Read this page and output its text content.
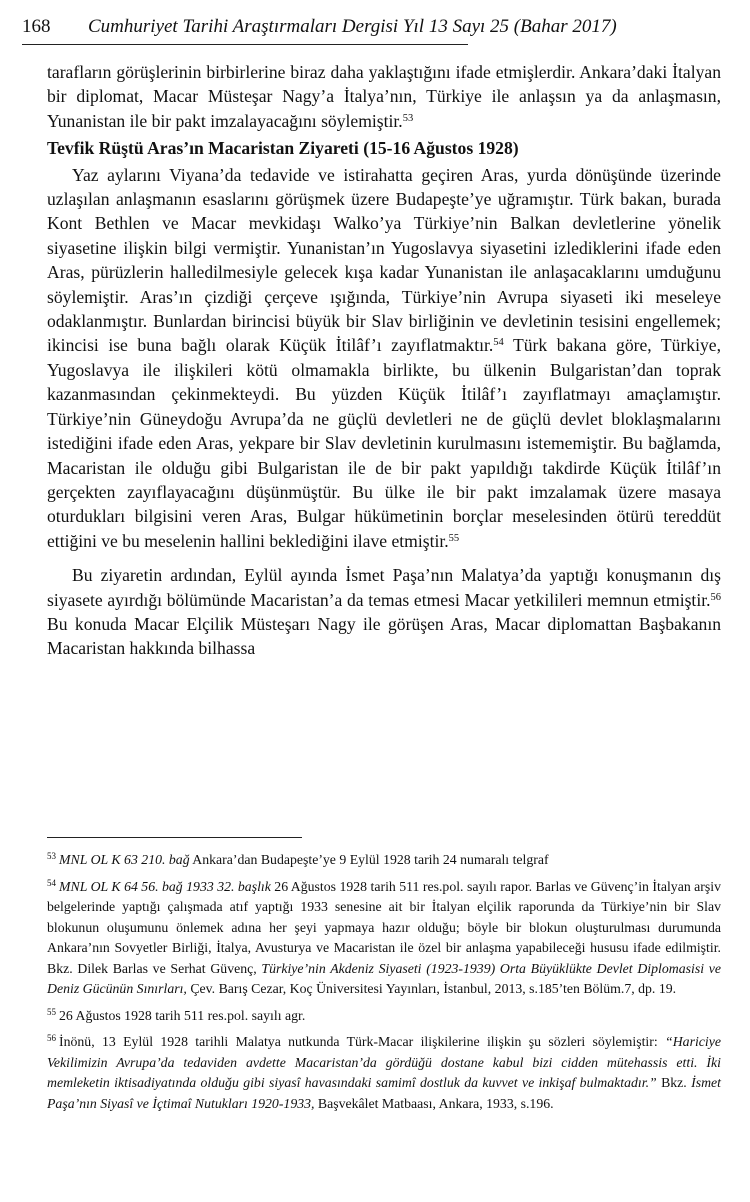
168 Cumhuriyet Tarihi Araştırmaları Dergisi Yıl 13 Sayı 25 (Bahar 2017)

tarafların görüşlerinin birbirlerine biraz daha yaklaştığını ifade etmişlerdir. Ankara’daki İtalyan bir diplomat, Macar Müsteşar Nagy’a İtalya’nın, Türkiye ile anlaşsın ya da anlaşmasın, Yunanistan ile bir pakt imzalayacağını söylemiştir.$^{53}$

Tevfik Rüştü Aras’ın Macaristan Ziyareti (15-16 Ağustos 1928)

Yaz aylarını Viyana’da tedavide ve istirahatta geçiren Aras, yurda dönüşünde üzerinde uzlaşılan anlaşmanın esaslarını görüşmek üzere Budapeşte’ye uğramıştır. Türk bakan, burada Kont Bethlen ve Macar mevkidaşı Walko’ya Türkiye’nin Balkan devletlerine yönelik siyasetine ilişkin bilgi vermiştir. Yunanistan’ın Yugoslavya siyasetini izlediklerini ifade eden Aras, pürüzlerin halledilmesiyle gelecek kışa kadar Yunanistan ile anlaşacaklarını umduğunu söylemiştir. Aras’ın çizdiği çerçeve ışığında, Türkiye’nin Avrupa siyaseti iki meseleye odaklanmıştır. Bunlardan birincisi büyük bir Slav birliğinin ve devletinin tesisini engellemek; ikincisi ise buna bağlı olarak Küçük İtilâf’ı zayıflatmaktır.$^{54}$ Türk bakana göre, Türkiye, Yugoslavya ile ilişkileri kötü olmamakla birlikte, bu ülkenin Bulgaristan’dan toprak kazanmasından çekinmekteydi. Bu yüzden Küçük İtilâf’ı zayıflatmayı amaçlamıştır. Türkiye’nin Güneydoğu Avrupa’da ne güçlü devletleri ne de güçlü devlet bloklaşmalarını istediğini ifade eden Aras, yekpare bir Slav devletinin kurulmasını istememiştir. Bu bağlamda, Macaristan ile olduğu gibi Bulgaristan ile de bir pakt yapıldığı takdirde Küçük İtilâf’ın gerçekten zayıflayacağını düşünmüştür. Bu ülke ile bir pakt imzalamak üzere masaya oturdukları bilgisini veren Aras, Bulgar hükümetinin borçlar meselesinden ötürü tereddüt ettiğini ve bu meselenin hallini beklediğini ilave etmiştir.$^{55}$

Bu ziyaretin ardından, Eylül ayında İsmet Paşa’nın Malatya’da yaptığı konuşmanın dış siyasete ayırdığı bölümünde Macaristan’a da temas etmesi Macar yetkilileri memnun etmiştir.$^{56}$ Bu konuda Macar Elçilik Müsteşarı Nagy ile görüşen Aras, Macar diplomattan Başbakanın Macaristan hakkında bilhassa

$^{53}$ MNL OL K 63 210. bağ Ankara’dan Budapeşte’ye 9 Eylül 1928 tarih 24 numaralı telgraf

$^{54}$ MNL OL K 64 56. bağ 1933 32. başlık 26 Ağustos 1928 tarih 511 res.pol. sayılı rapor. Barlas ve Güvenç’in İtalyan arşiv belgelerinde yaptığı çalışmada atıf yaptığı 1933 senesine ait bir İtalyan elçilik raporunda da Türkiye’nin bir Slav blokunun oluşumunu önlemek adına her şeyi yapmaya hazır olduğu; böyle bir blokun oluşturulması durumunda Ankara’nın Sovyetler Birliği, İtalya, Avusturya ve Macaristan ile özel bir anlaşma yapabileceği hususu ifade edilmiştir. Bkz. Dilek Barlas ve Serhat Güvenç, Türkiye’nin Akdeniz Siyaseti (1923-1939) Orta Büyüklükte Devlet Diplomasisi ve Deniz Gücünün Sınırları, Çev. Barış Cezar, Koç Üniversitesi Yayınları, İstanbul, 2013, s.185’ten Bölüm.7, dp. 19.

$^{55}$ 26 Ağustos 1928 tarih 511 res.pol. sayılı agr.

$^{56}$ İnönü, 13 Eylül 1928 tarihli Malatya nutkunda Türk-Macar ilişkilerine ilişkin şu sözleri söylemiştir: “Hariciye Vekilimizin Avrupa’da tedaviden avdette Macaristan’da gördüğü dostane kabul bizi cidden mütehassis etti. İki memleketin iktisadiyatında olduğu gibi siyasî havasındaki samimî dostluk da kuvvet ve inkişaf bulmaktadır.” Bkz. İsmet Paşa’nın Siyasî ve İçtimaî Nutukları 1920-1933, Başvekâlet Matbaası, Ankara, 1933, s.196.
